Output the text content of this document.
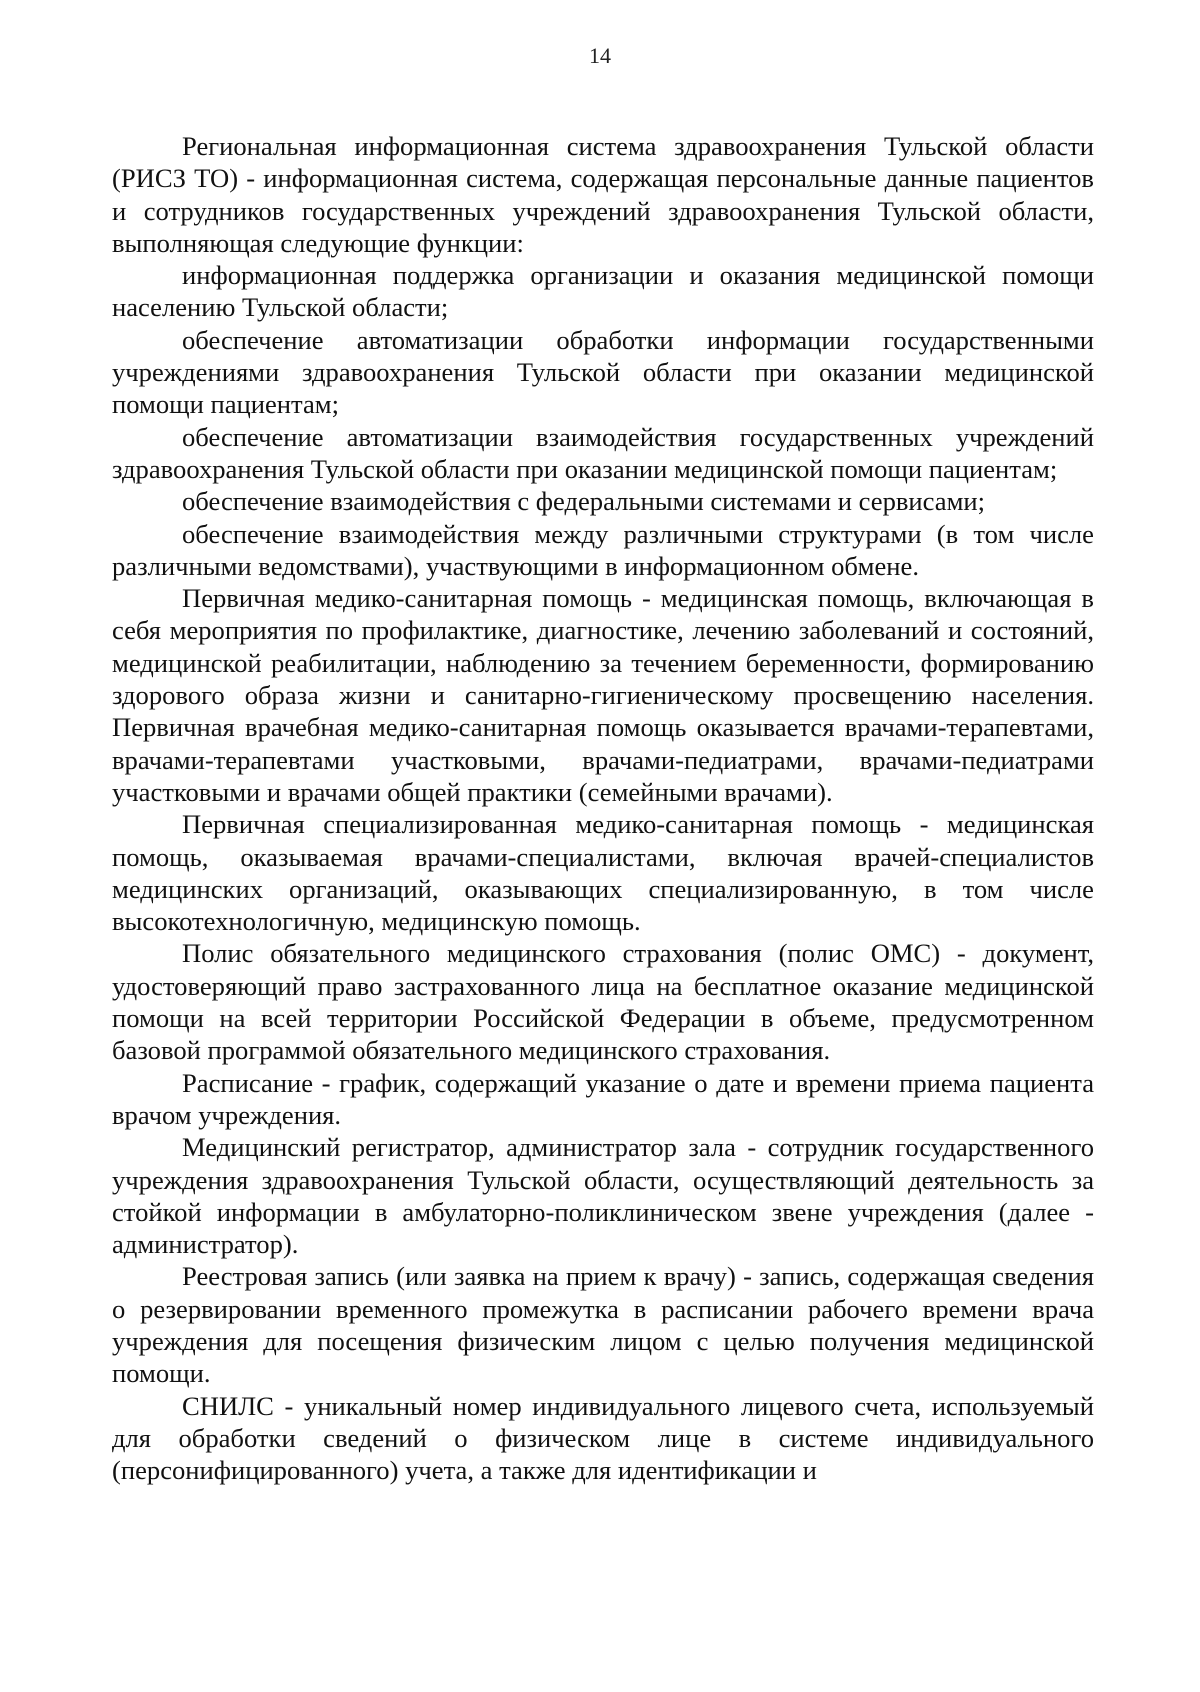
14

Региональная информационная система здравоохранения Тульской области (РИСЗ ТО) - информационная система, содержащая персональные данные пациентов и сотрудников государственных учреждений здравоохранения Тульской области, выполняющая следующие функции:

информационная поддержка организации и оказания медицинской помощи населению Тульской области;

обеспечение автоматизации обработки информации государственными учреждениями здравоохранения Тульской области при оказании медицинской помощи пациентам;

обеспечение автоматизации взаимодействия государственных учреждений здравоохранения Тульской области при оказании медицинской помощи пациентам;

обеспечение взаимодействия с федеральными системами и сервисами;

обеспечение взаимодействия между различными структурами (в том числе различными ведомствами), участвующими в информационном обмене.

Первичная медико-санитарная помощь - медицинская помощь, включающая в себя мероприятия по профилактике, диагностике, лечению заболеваний и состояний, медицинской реабилитации, наблюдению за течением беременности, формированию здорового образа жизни и санитарно-гигиеническому просвещению населения. Первичная врачебная медико-санитарная помощь оказывается врачами-терапевтами, врачами-терапевтами участковыми, врачами-педиатрами, врачами-педиатрами участковыми и врачами общей практики (семейными врачами).

Первичная специализированная медико-санитарная помощь - медицинская помощь, оказываемая врачами-специалистами, включая врачей-специалистов медицинских организаций, оказывающих специализированную, в том числе высокотехнологичную, медицинскую помощь.

Полис обязательного медицинского страхования (полис ОМС) - документ, удостоверяющий право застрахованного лица на бесплатное оказание медицинской помощи на всей территории Российской Федерации в объеме, предусмотренном базовой программой обязательного медицинского страхования.

Расписание - график, содержащий указание о дате и времени приема пациента врачом учреждения.

Медицинский регистратор, администратор зала - сотрудник государственного учреждения здравоохранения Тульской области, осуществляющий деятельность за стойкой информации в амбулаторно-поликлиническом звене учреждения (далее - администратор).

Реестровая запись (или заявка на прием к врачу) - запись, содержащая сведения о резервировании временного промежутка в расписании рабочего времени врача учреждения для посещения физическим лицом с целью получения медицинской помощи.

СНИЛС - уникальный номер индивидуального лицевого счета, используемый для обработки сведений о физическом лице в системе индивидуального (персонифицированного) учета, а также для идентификации и
